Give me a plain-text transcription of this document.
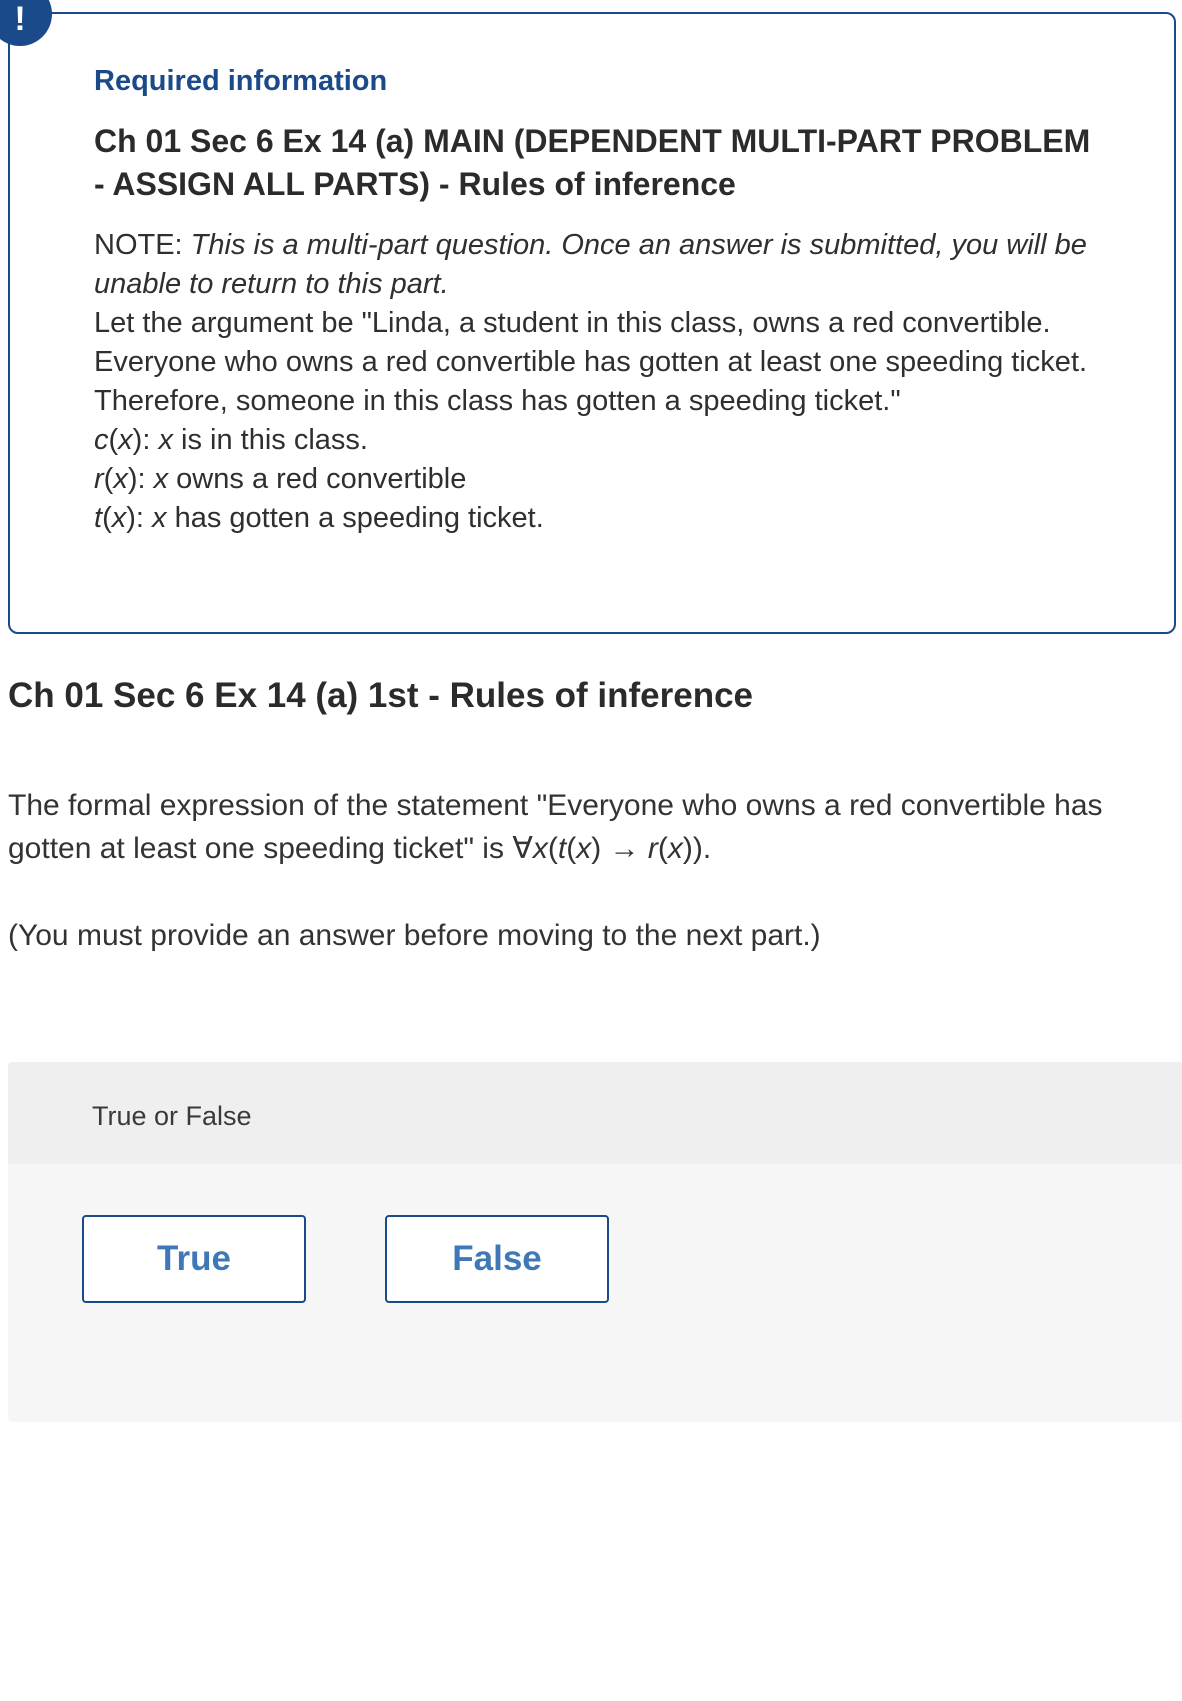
!
Required information
Ch 01 Sec 6 Ex 14 (a) MAIN (DEPENDENT MULTI-PART PROBLEM - ASSIGN ALL PARTS) - Rules of inference

NOTE: This is a multi-part question. Once an answer is submitted, you will be unable to return to this part.

Let the argument be "Linda, a student in this class, owns a red convertible. Everyone who owns a red convertible has gotten at least one speeding ticket. Therefore, someone in this class has gotten a speeding ticket."

c(x): x is in this class.

r(x): x owns a red convertible

t(x): x has gotten a speeding ticket.

Ch 01 Sec 6 Ex 14 (a) 1st - Rules of inference
The formal expression of the statement "Everyone who owns a red convertible has gotten at least one speeding ticket" is ∀x(t(x) → r(x)).
(You must provide an answer before moving to the next part.)
True or False
True	False
